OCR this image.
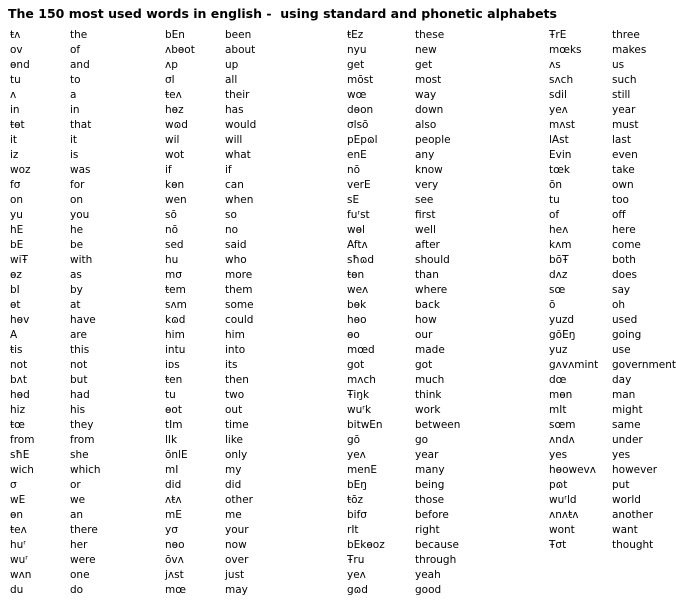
The 150 most used words in english -  using standard and phonetic alphabets
ŧʌ	the
ov	of
ɵnd	and
tu	to
ʌ	a
in	in
ŧɵt	that
it	it
iz	is
woz	was
fσ	for
on	on
yu	you
hE	he
bE	be
wiŦ	with
ɵz	as
bI	by
ɵt	at
hɵv	have
A	are
ŧis	this
not	not
bʌt	but
hɵd	had
hiz	his
ŧœ	they
from	from
sħE	she
wich	which
σ	or
wE	we
ɵn	an
ŧeʌ	there
huʳ	her
wuʳ	were
wʌn	one
du	do
bEn	been
ʌbɵot	about
ʌp	up
σl	all
ŧeʌ	their
hɵz	has
wɷd	would
wil	will
wot	what
if	if
kɵn	can
wen	when
sō	so
nō	no
sed	said
hu	who
mσ	more
ŧem	them
sʌm	some
kɷd	could
him	him
intu	into
iᴅs	its
ŧen	then
tu	two
ɵot	out
tIm	time
lIk	like
ōnlE	only
mI	my
did	did
ʌŧʌ	other
mE	me
yσ	your
nɵo	now
ōvʌ	over
jʌst	just
mœ	may
ŧEz	these
nyu	new
get	get
mōst	most
wœ	way
dɵon	down
σlsō	also
pEpɷl	people
enE	any
nō	know
verE	very
sE	see
fuʳst	first
wɵl	well
Aftʌ	after
sħɷd	should
ŧɵn	than
weʌ	where
bɵk	back
hɵo	how
ɵo	our
mœd	made
got	got
mʌch	much
Ŧiŋk	think
wuʳk	work
bitwEn	between
gō	go
yeʌ	year
menE	many
bEŋ	being
ŧōz	those
bifσ	before
rIt	right
bEkɵoz	because
Ŧru	through
yeʌ	yeah
gɷd	good
ŦrE	three
mœks	makes
ʌs	us
sʌch	such
sdil	still
yeʌ	year
mʌst	must
lAst	last
Evin	even
tœk	take
ōn	own
tu	too
of	off
heʌ	here
kʌm	come
bōŦ	both
dʌz	does
sœ	say
ō	oh
yuzd	used
gōEŋ	going
yuz	use
gʌvʌmint government
dœ	day
mɵn	man
mIt	might
sœm	same
ʌndʌ	under
yes	yes
hɵowevʌ however
pɷt	put
wuʳld	world
ʌnʌŧʌ	another
wont	want
Ŧσt	thought
